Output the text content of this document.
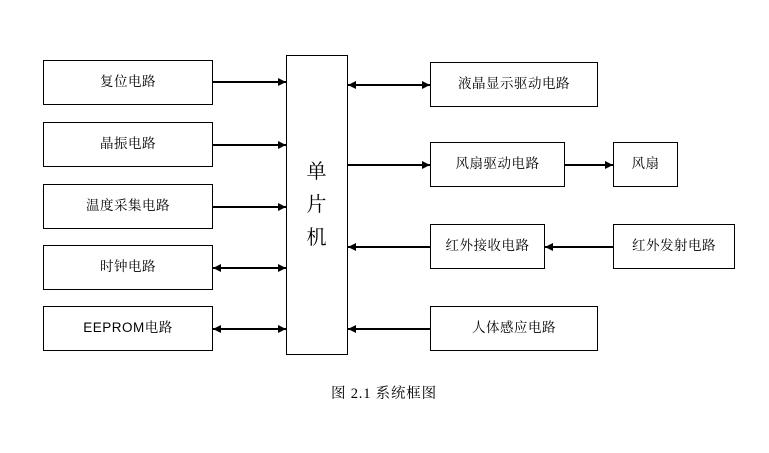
复位电路
晶振电路
温度采集电路
时钟电路
EEPROM电路
单
片
机
液晶显示驱动电路
风扇驱动电路
红外接收电路
人体感应电路
风扇
红外发射电路
图 2.1 系统框图
